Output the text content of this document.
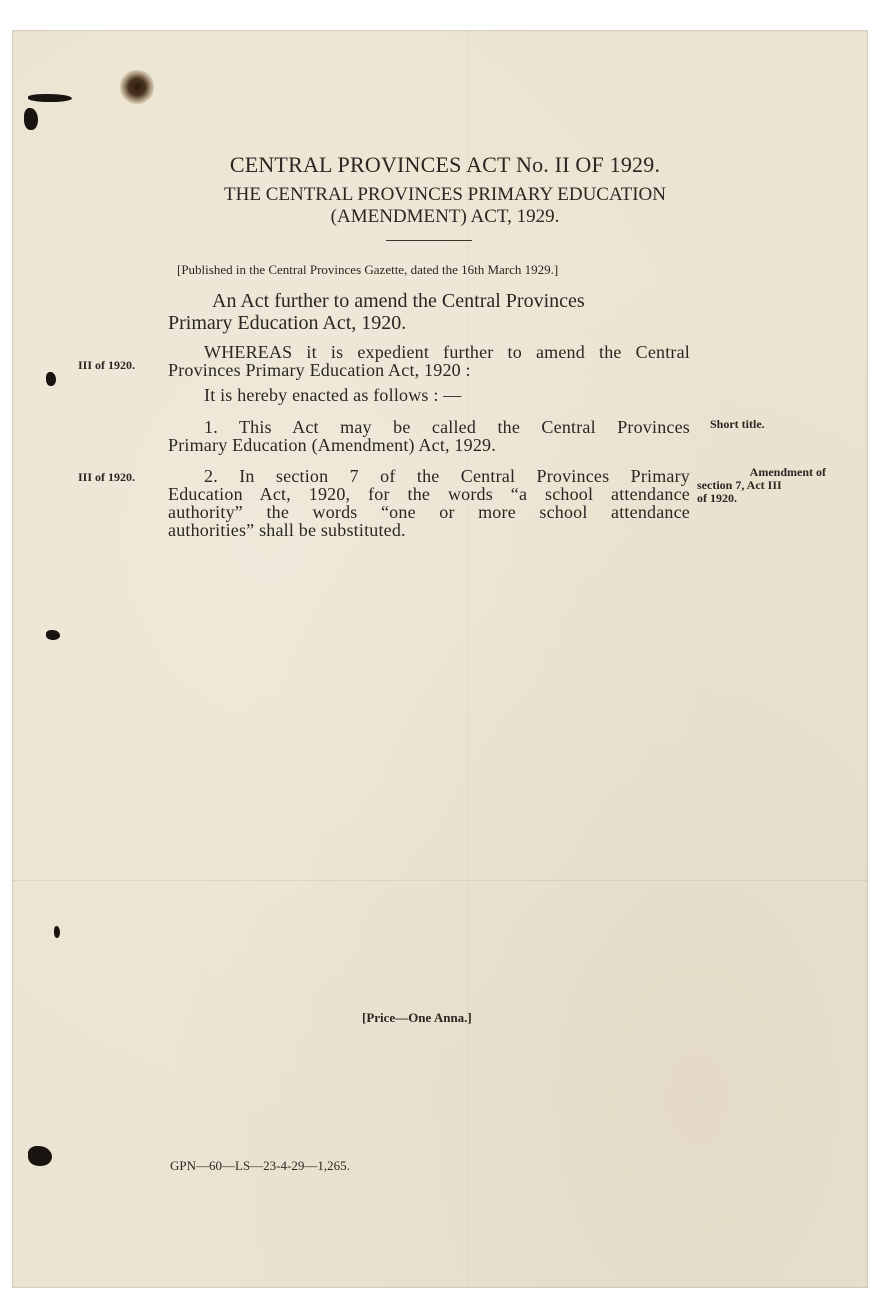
CENTRAL PROVINCES ACT No. II OF 1929.
THE CENTRAL PROVINCES PRIMARY EDUCATION
(AMENDMENT) ACT, 1929.
[Published in the Central Provinces Gazette, dated the 16th March 1929.]
An Act further to amend the Central Provinces
Primary Education Act, 1920.
III of 1920.
WHEREAS it is expedient further to amend the Central
Provinces Primary Education Act, 1920 :
It is hereby enacted as follows : —
1. This Act may be called the Central Provinces
Primary Education (Amendment) Act, 1929.
Short title.
III of 1920.	2. In section 7 of the Central Provinces Primary
Education Act, 1920, for the words “a school attendance
authority” the words “one or more school attendance
authorities” shall be substituted.
Amendment of
section 7, Act III
of 1920.
[Price—One Anna.]
GPN—60—LS—23-4-29—1,265.
